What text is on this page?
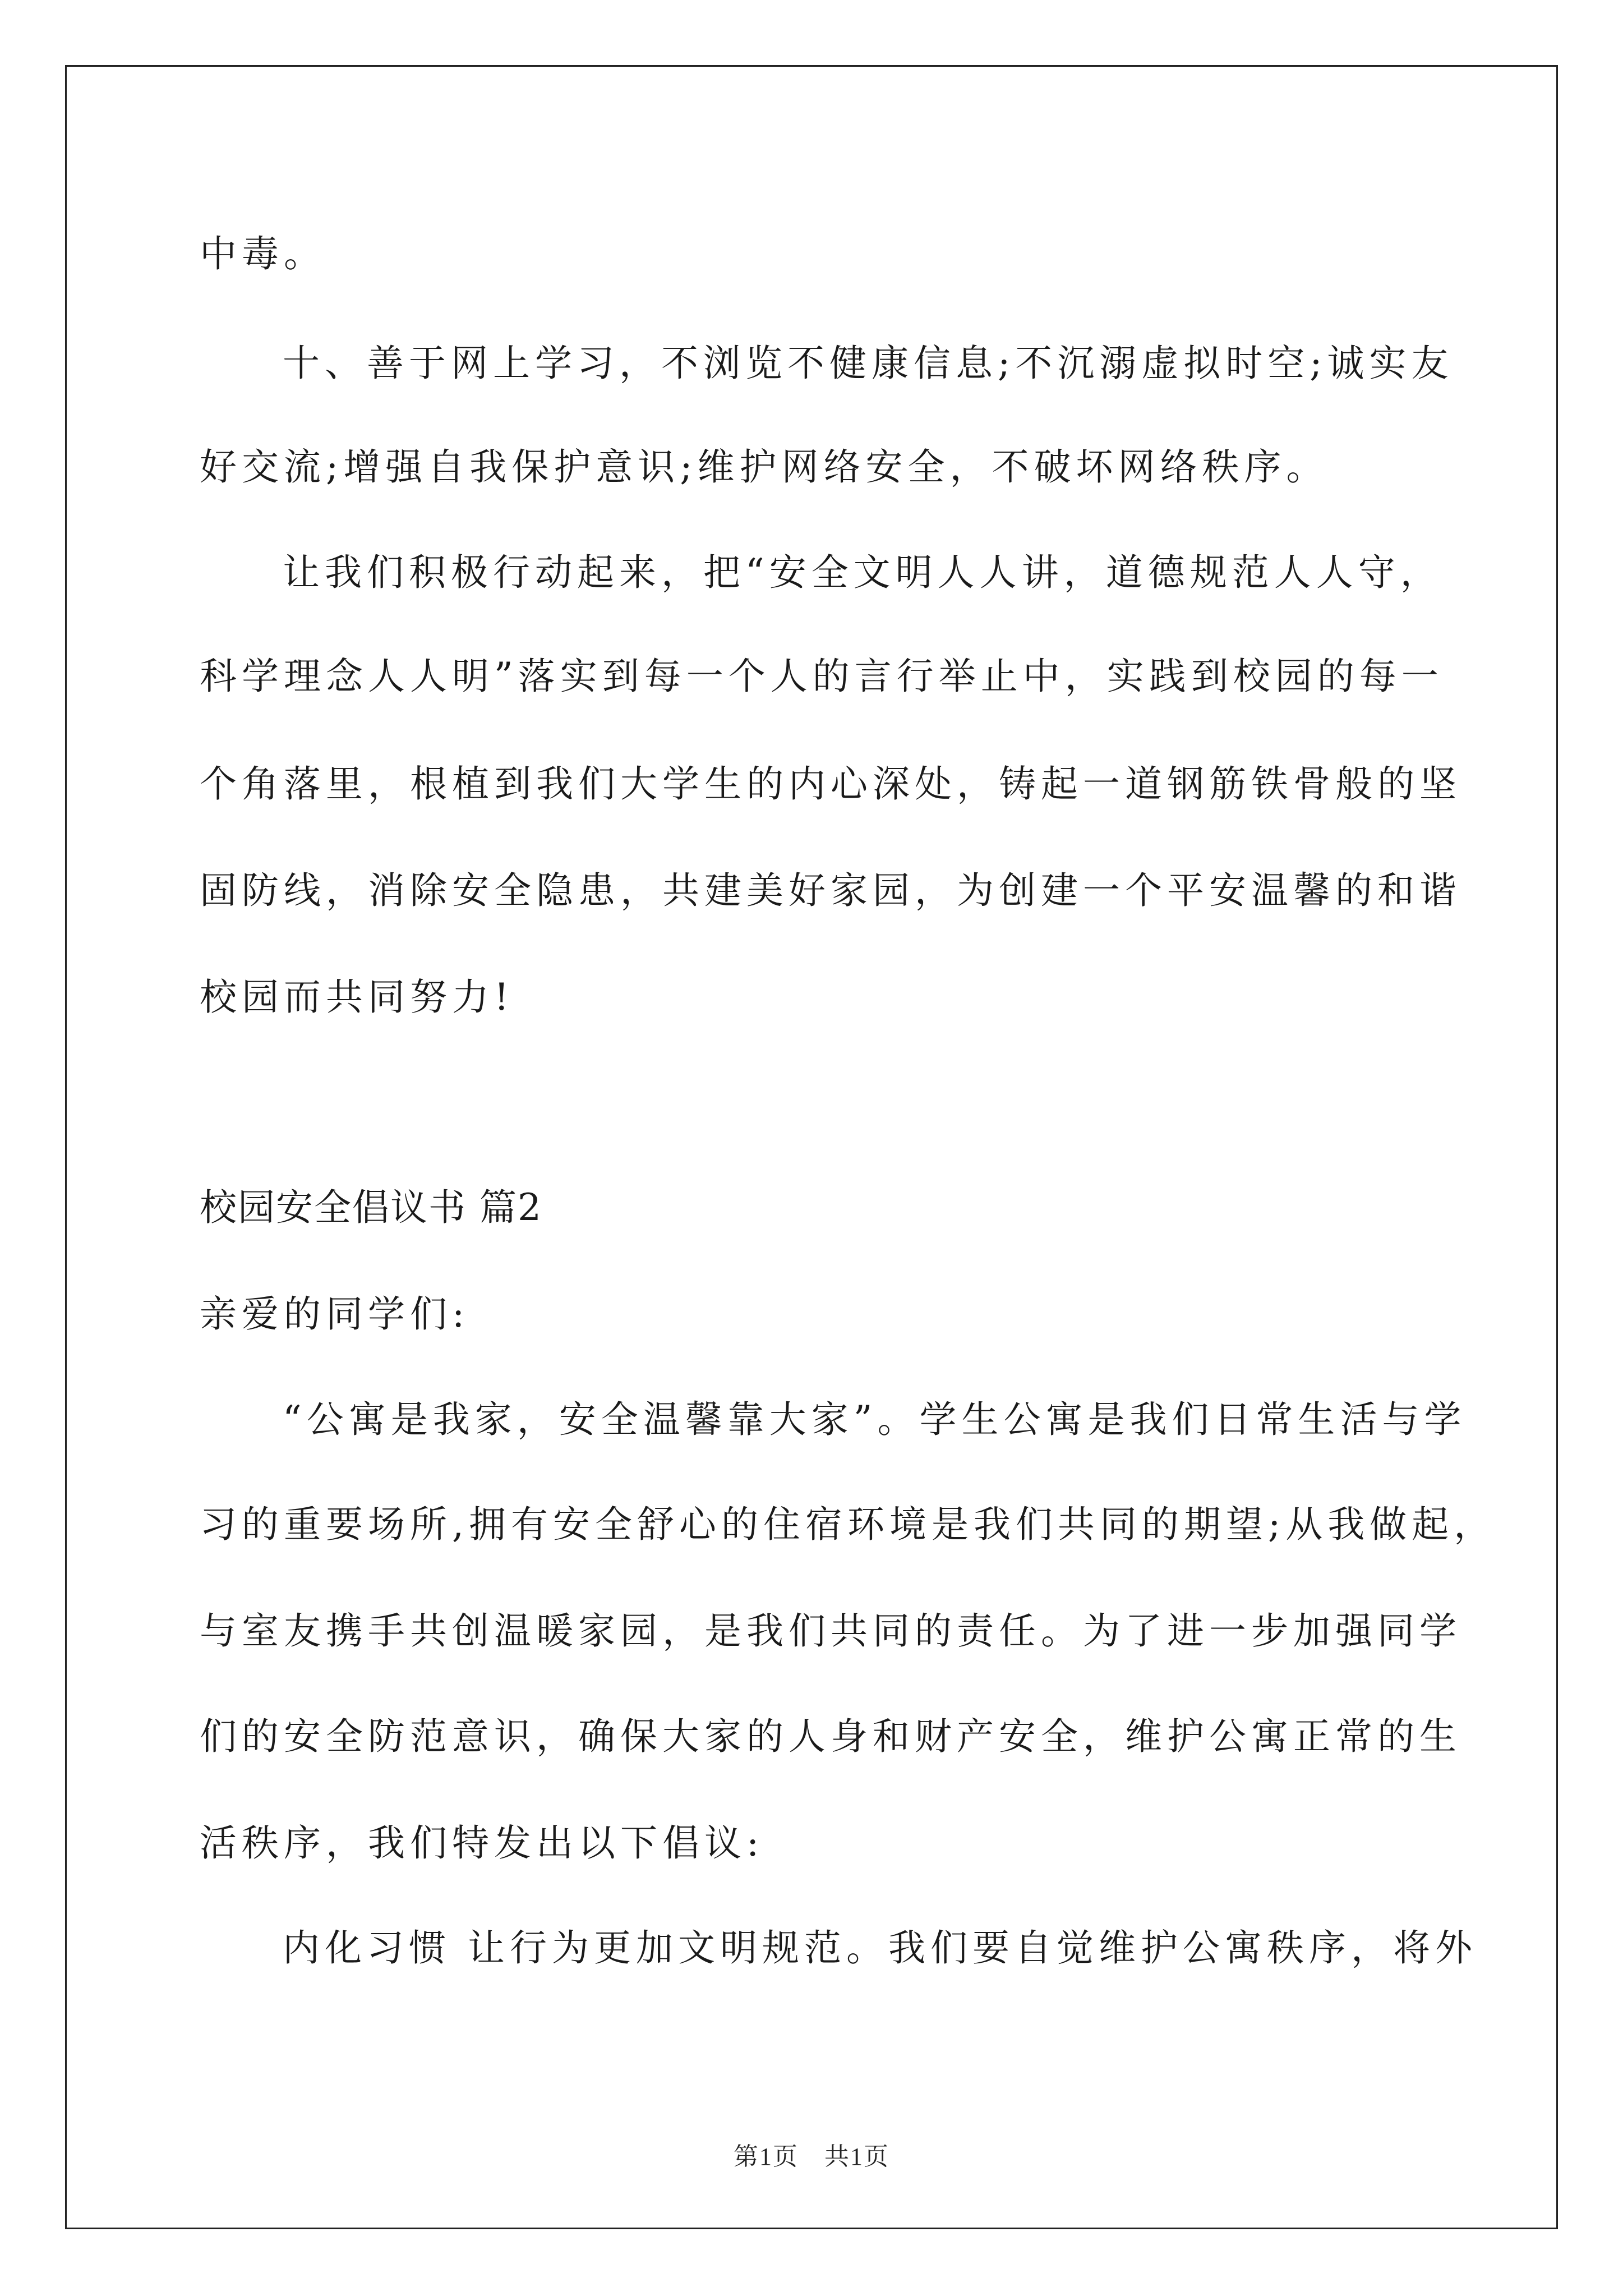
中毒。
十、善于网上学习，不浏览不健康信息;不沉溺虚拟时空;诚实友
好交流;增强自我保护意识;维护网络安全，不破坏网络秩序。
让我们积极行动起来，把“安全文明人人讲，道德规范人人守，
科学理念人人明”落实到每一个人的言行举止中，实践到校园的每一
个角落里，根植到我们大学生的内心深处，铸起一道钢筋铁骨般的坚
固防线，消除安全隐患，共建美好家园，为创建一个平安温馨的和谐
校园而共同努力!
校园安全倡议书 篇2
亲爱的同学们:
“公寓是我家，安全温馨靠大家”。学生公寓是我们日常生活与学
习的重要场所,拥有安全舒心的住宿环境是我们共同的期望;从我做起，
与室友携手共创温暖家园，是我们共同的责任。为了进一步加强同学
们的安全防范意识，确保大家的人身和财产安全，维护公寓正常的生
活秩序，我们特发出以下倡议:
内化习惯 让行为更加文明规范。我们要自觉维护公寓秩序，将外
第1页　共1页
